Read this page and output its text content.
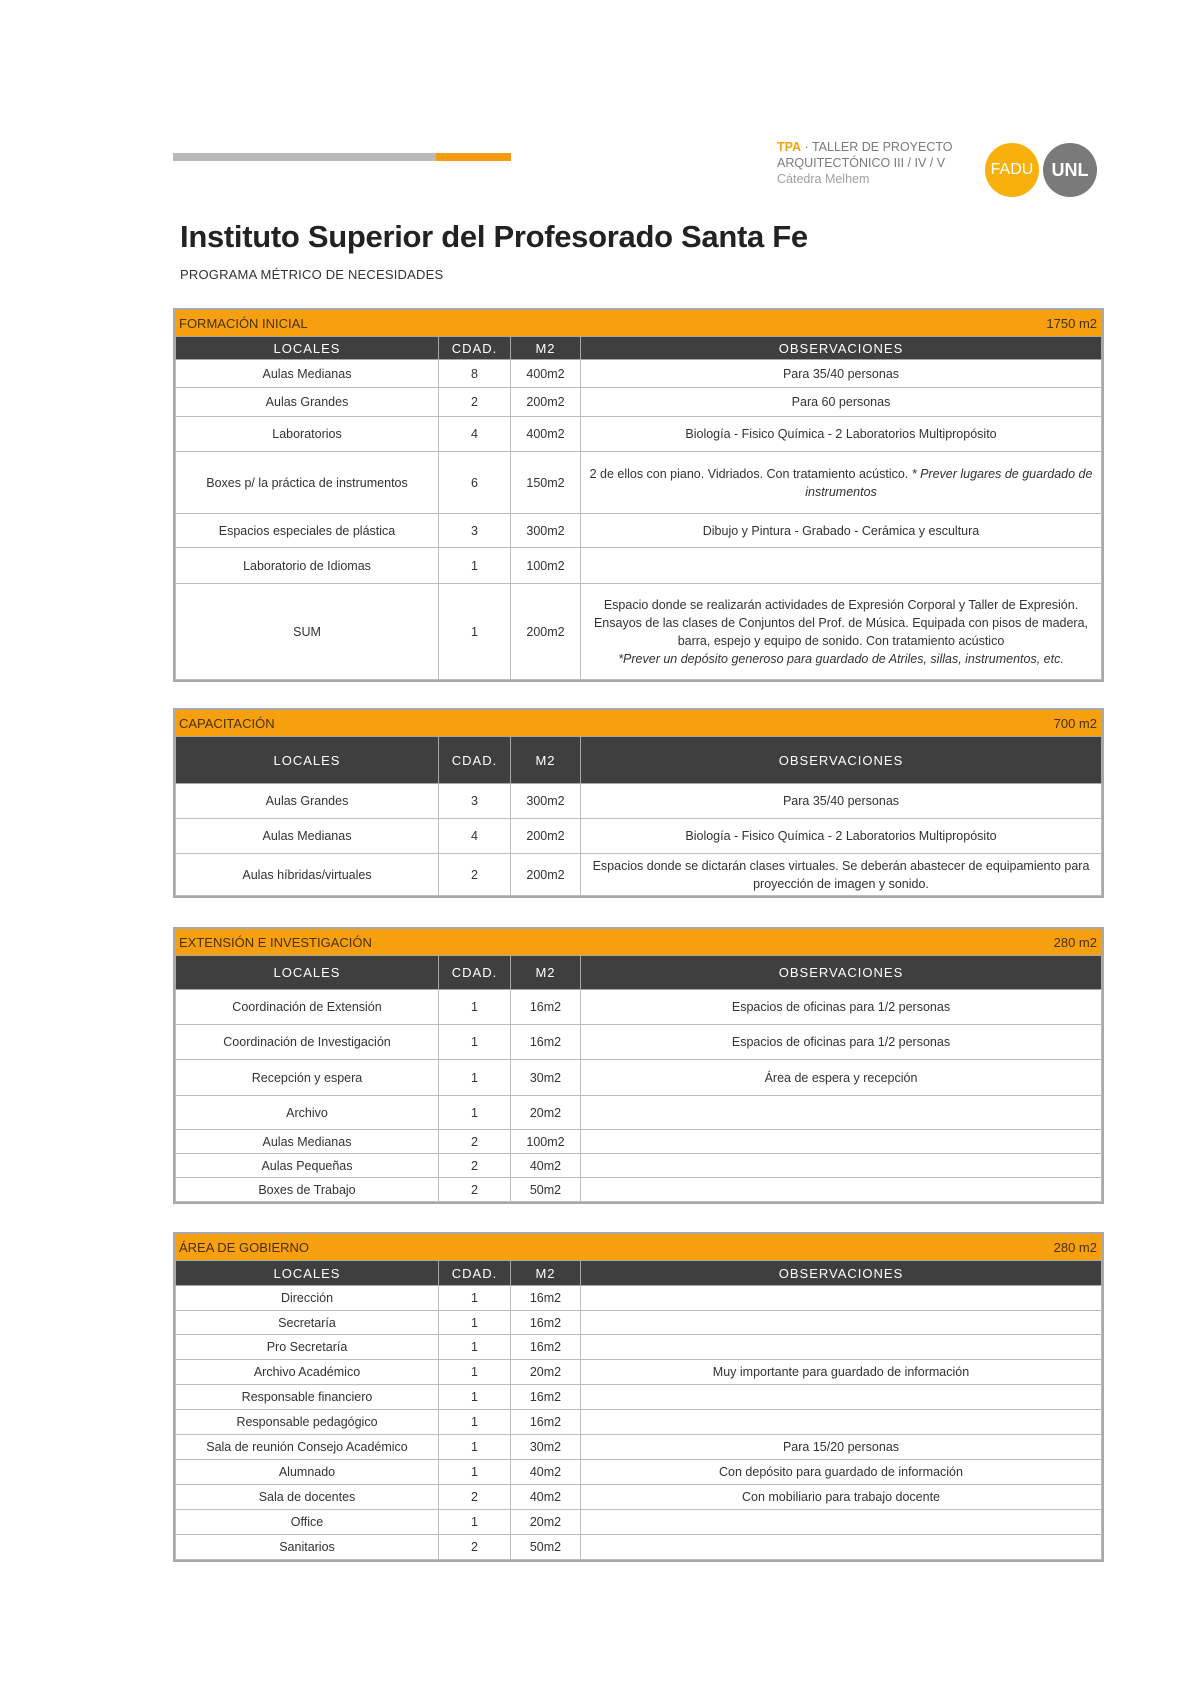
TPA · TALLER DE PROYECTO
ARQUITECTÓNICO III / IV / V
Cátedra Melhem
FADU UNL
Instituto Superior del Profesorado Santa Fe
PROGRAMA MÉTRICO DE NECESIDADES
FORMACIÓN INICIAL	1750 m2
LOCALES	CDAD.	M2	OBSERVACIONES
Aulas Medianas	8	400m2	Para 35/40 personas
Aulas Grandes	2	200m2	Para 60 personas
Laboratorios	4	400m2	Biología - Fisico Química - 2 Laboratorios Multipropósito
Boxes p/ la práctica de instrumentos	6	150m2	2 de ellos con piano. Vidriados. Con tratamiento acústico. * Prever lugares de guardado de instrumentos
Espacios especiales de plástica	3	300m2	Dibujo y Pintura - Grabado - Cerámica y escultura
Laboratorio de Idiomas	1	100m2	
SUM	1	200m2	Espacio donde se realizarán actividades de Expresión Corporal y Taller de Expresión. Ensayos de las clases de Conjuntos del Prof. de Música. Equipada con pisos de madera, barra, espejo y equipo de sonido. Con tratamiento acústico
*Prever un depósito generoso para guardado de Atriles, sillas, instrumentos, etc.
CAPACITACIÓN	700 m2
LOCALES	CDAD.	M2	OBSERVACIONES
Aulas Grandes	3	300m2	Para 35/40 personas
Aulas Medianas	4	200m2	Biología - Fisico Química - 2 Laboratorios Multipropósito
Aulas híbridas/virtuales	2	200m2	Espacios donde se dictarán clases virtuales. Se deberán abastecer de equipamiento para proyección de imagen y sonido.
EXTENSIÓN E INVESTIGACIÓN	280 m2
LOCALES	CDAD.	M2	OBSERVACIONES
Coordinación de Extensión	1	16m2	Espacios de oficinas para 1/2 personas
Coordinación de Investigación	1	16m2	Espacios de oficinas para 1/2 personas
Recepción y espera	1	30m2	Área de espera y recepción
Archivo	1	20m2	
Aulas Medianas	2	100m2	
Aulas Pequeñas	2	40m2	
Boxes de Trabajo	2	50m2	
ÁREA DE GOBIERNO	280 m2
LOCALES	CDAD.	M2	OBSERVACIONES
Dirección	1	16m2	
Secretaría	1	16m2	
Pro Secretaría	1	16m2	
Archivo Académico	1	20m2	Muy importante para guardado de información
Responsable financiero	1	16m2	
Responsable pedagógico	1	16m2	
Sala de reunión Consejo Académico	1	30m2	Para 15/20 personas
Alumnado	1	40m2	Con depósito para guardado de información
Sala de docentes	2	40m2	Con mobiliario para trabajo docente
Office	1	20m2	
Sanitarios	2	50m2	
